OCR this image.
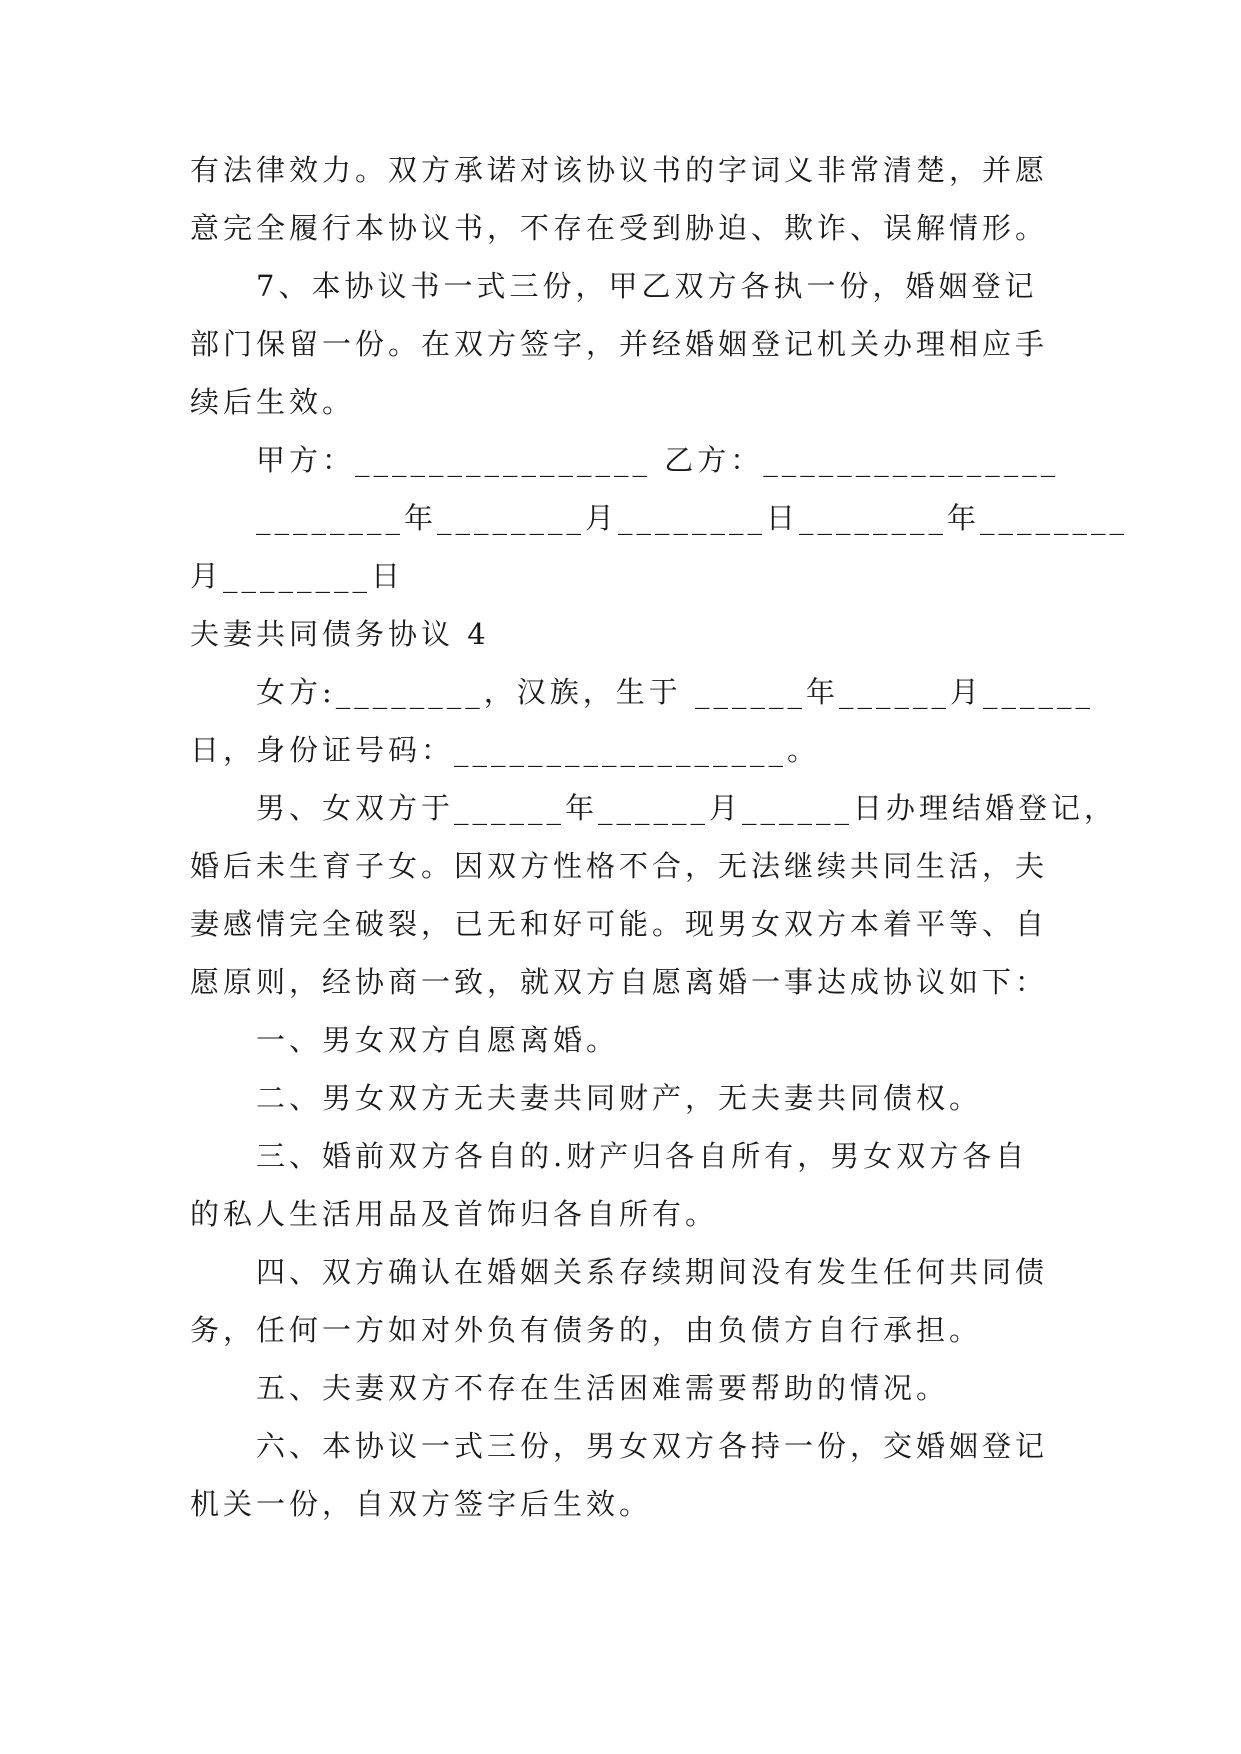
有法律效力。双方承诺对该协议书的字词义非常清楚，并愿

意完全履行本协议书，不存在受到胁迫、欺诈、误解情形。

7、本协议书一式三份，甲乙双方各执一份，婚姻登记

部门保留一份。在双方签字，并经婚姻登记机关办理相应手

续后生效。

甲方：________________ 乙方：________________

________年________月________日________年________

月________日

夫妻共同债务协议 4

女方:________，汉族，生于 ______年______月______

日，身份证号码：__________________。

男、女双方于______年______月______日办理结婚登记，

婚后未生育子女。因双方性格不合，无法继续共同生活，夫

妻感情完全破裂，已无和好可能。现男女双方本着平等、自

愿原则，经协商一致，就双方自愿离婚一事达成协议如下：

一、男女双方自愿离婚。

二、男女双方无夫妻共同财产，无夫妻共同债权。

三、婚前双方各自的.财产归各自所有，男女双方各自

的私人生活用品及首饰归各自所有。

四、双方确认在婚姻关系存续期间没有发生任何共同债

务，任何一方如对外负有债务的，由负债方自行承担。

五、夫妻双方不存在生活困难需要帮助的情况。

六、本协议一式三份，男女双方各持一份，交婚姻登记

机关一份，自双方签字后生效。
